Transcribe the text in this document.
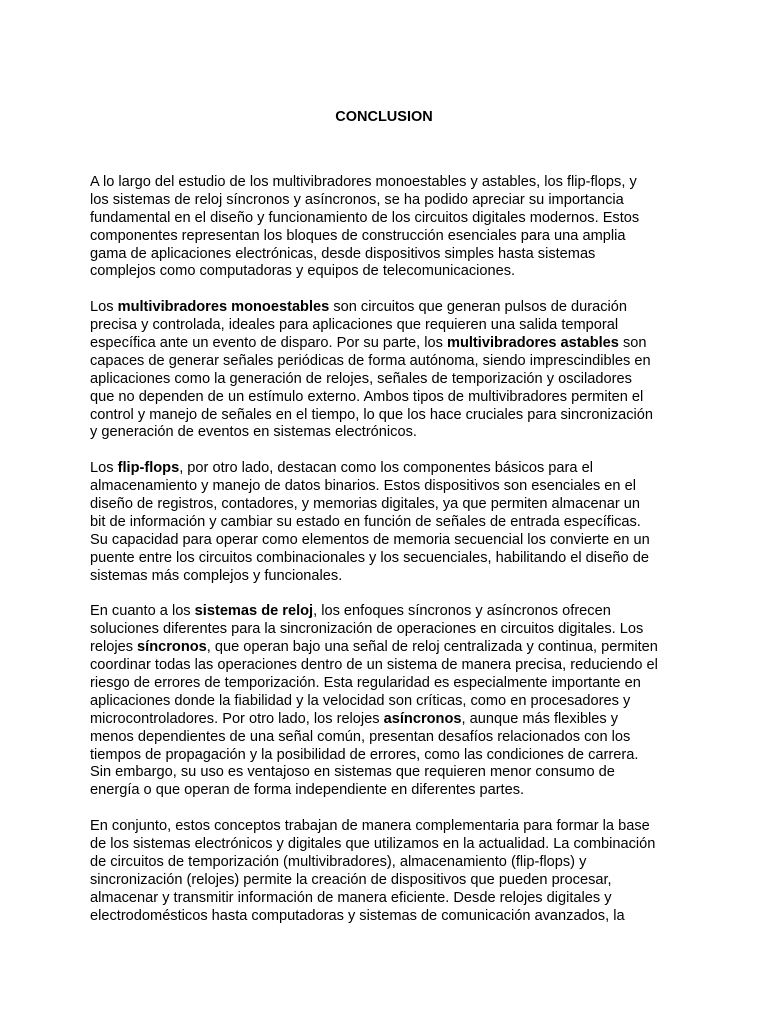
CONCLUSION
A lo largo del estudio de los multivibradores monoestables y astables, los flip-flops, y
los sistemas de reloj síncronos y asíncronos, se ha podido apreciar su importancia
fundamental en el diseño y funcionamiento de los circuitos digitales modernos. Estos
componentes representan los bloques de construcción esenciales para una amplia
gama de aplicaciones electrónicas, desde dispositivos simples hasta sistemas
complejos como computadoras y equipos de telecomunicaciones.
Los multivibradores monoestables son circuitos que generan pulsos de duración
precisa y controlada, ideales para aplicaciones que requieren una salida temporal
específica ante un evento de disparo. Por su parte, los multivibradores astables son
capaces de generar señales periódicas de forma autónoma, siendo imprescindibles en
aplicaciones como la generación de relojes, señales de temporización y osciladores
que no dependen de un estímulo externo. Ambos tipos de multivibradores permiten el
control y manejo de señales en el tiempo, lo que los hace cruciales para sincronización
y generación de eventos en sistemas electrónicos.
Los flip-flops, por otro lado, destacan como los componentes básicos para el
almacenamiento y manejo de datos binarios. Estos dispositivos son esenciales en el
diseño de registros, contadores, y memorias digitales, ya que permiten almacenar un
bit de información y cambiar su estado en función de señales de entrada específicas.
Su capacidad para operar como elementos de memoria secuencial los convierte en un
puente entre los circuitos combinacionales y los secuenciales, habilitando el diseño de
sistemas más complejos y funcionales.
En cuanto a los sistemas de reloj, los enfoques síncronos y asíncronos ofrecen
soluciones diferentes para la sincronización de operaciones en circuitos digitales. Los
relojes síncronos, que operan bajo una señal de reloj centralizada y continua, permiten
coordinar todas las operaciones dentro de un sistema de manera precisa, reduciendo el
riesgo de errores de temporización. Esta regularidad es especialmente importante en
aplicaciones donde la fiabilidad y la velocidad son críticas, como en procesadores y
microcontroladores. Por otro lado, los relojes asíncronos, aunque más flexibles y
menos dependientes de una señal común, presentan desafíos relacionados con los
tiempos de propagación y la posibilidad de errores, como las condiciones de carrera.
Sin embargo, su uso es ventajoso en sistemas que requieren menor consumo de
energía o que operan de forma independiente en diferentes partes.
En conjunto, estos conceptos trabajan de manera complementaria para formar la base
de los sistemas electrónicos y digitales que utilizamos en la actualidad. La combinación
de circuitos de temporización (multivibradores), almacenamiento (flip-flops) y
sincronización (relojes) permite la creación de dispositivos que pueden procesar,
almacenar y transmitir información de manera eficiente. Desde relojes digitales y
electrodomésticos hasta computadoras y sistemas de comunicación avanzados, la
